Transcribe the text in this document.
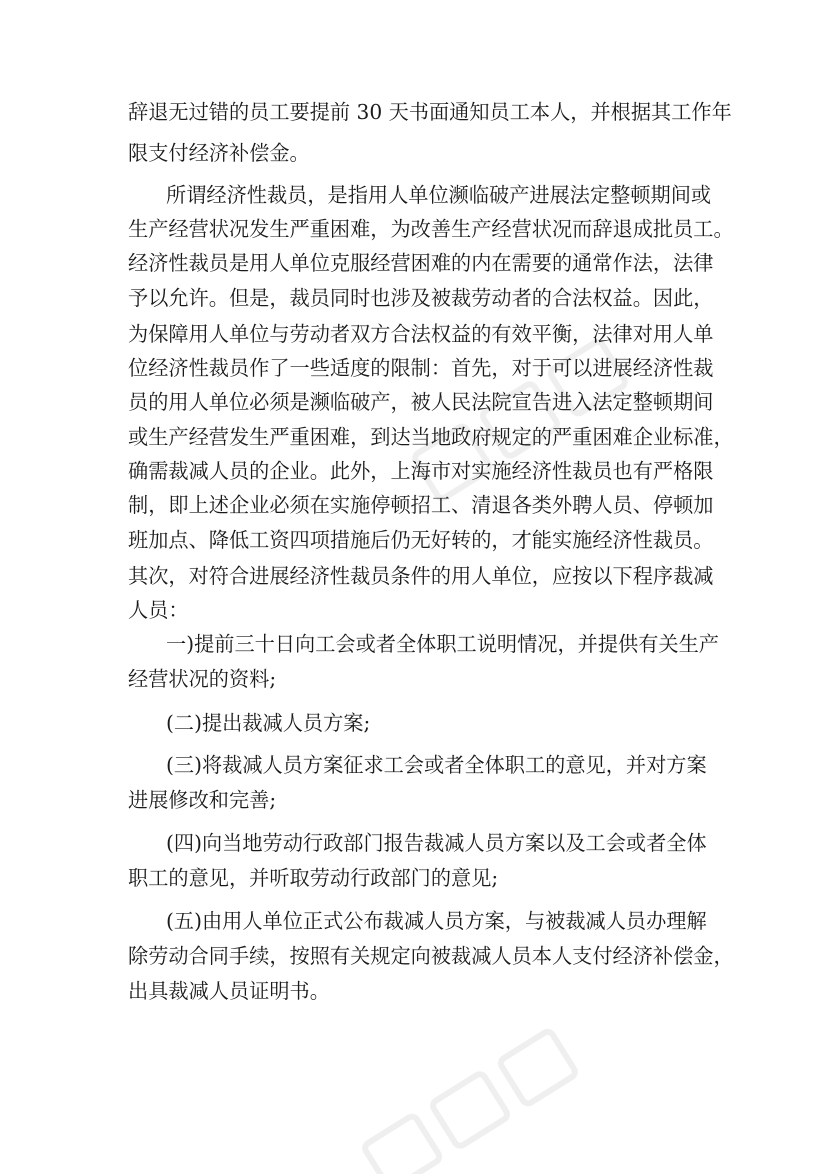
辞退无过错的员工要提前 30 天书面通知员工本人，并根据其工作年
限支付经济补偿金。
所谓经济性裁员，是指用人单位濒临破产进展法定整顿期间或
生产经营状况发生严重困难，为改善生产经营状况而辞退成批员工。
经济性裁员是用人单位克服经营困难的内在需要的通常作法，法律
予以允许。但是，裁员同时也涉及被裁劳动者的合法权益。因此，
为保障用人单位与劳动者双方合法权益的有效平衡，法律对用人单
位经济性裁员作了一些适度的限制：首先，对于可以进展经济性裁
员的用人单位必须是濒临破产，被人民法院宣告进入法定整顿期间
或生产经营发生严重困难，到达当地政府规定的严重困难企业标准，
确需裁减人员的企业。此外，上海市对实施经济性裁员也有严格限
制，即上述企业必须在实施停顿招工、清退各类外聘人员、停顿加
班加点、降低工资四项措施后仍无好转的，才能实施经济性裁员。
其次，对符合进展经济性裁员条件的用人单位，应按以下程序裁减
人员：
一)提前三十日向工会或者全体职工说明情况，并提供有关生产
经营状况的资料;
(二)提出裁减人员方案;
(三)将裁减人员方案征求工会或者全体职工的意见，并对方案
进展修改和完善;
(四)向当地劳动行政部门报告裁减人员方案以及工会或者全体
职工的意见，并听取劳动行政部门的意见;
(五)由用人单位正式公布裁减人员方案，与被裁减人员办理解
除劳动合同手续，按照有关规定向被裁减人员本人支付经济补偿金，
出具裁减人员证明书。
